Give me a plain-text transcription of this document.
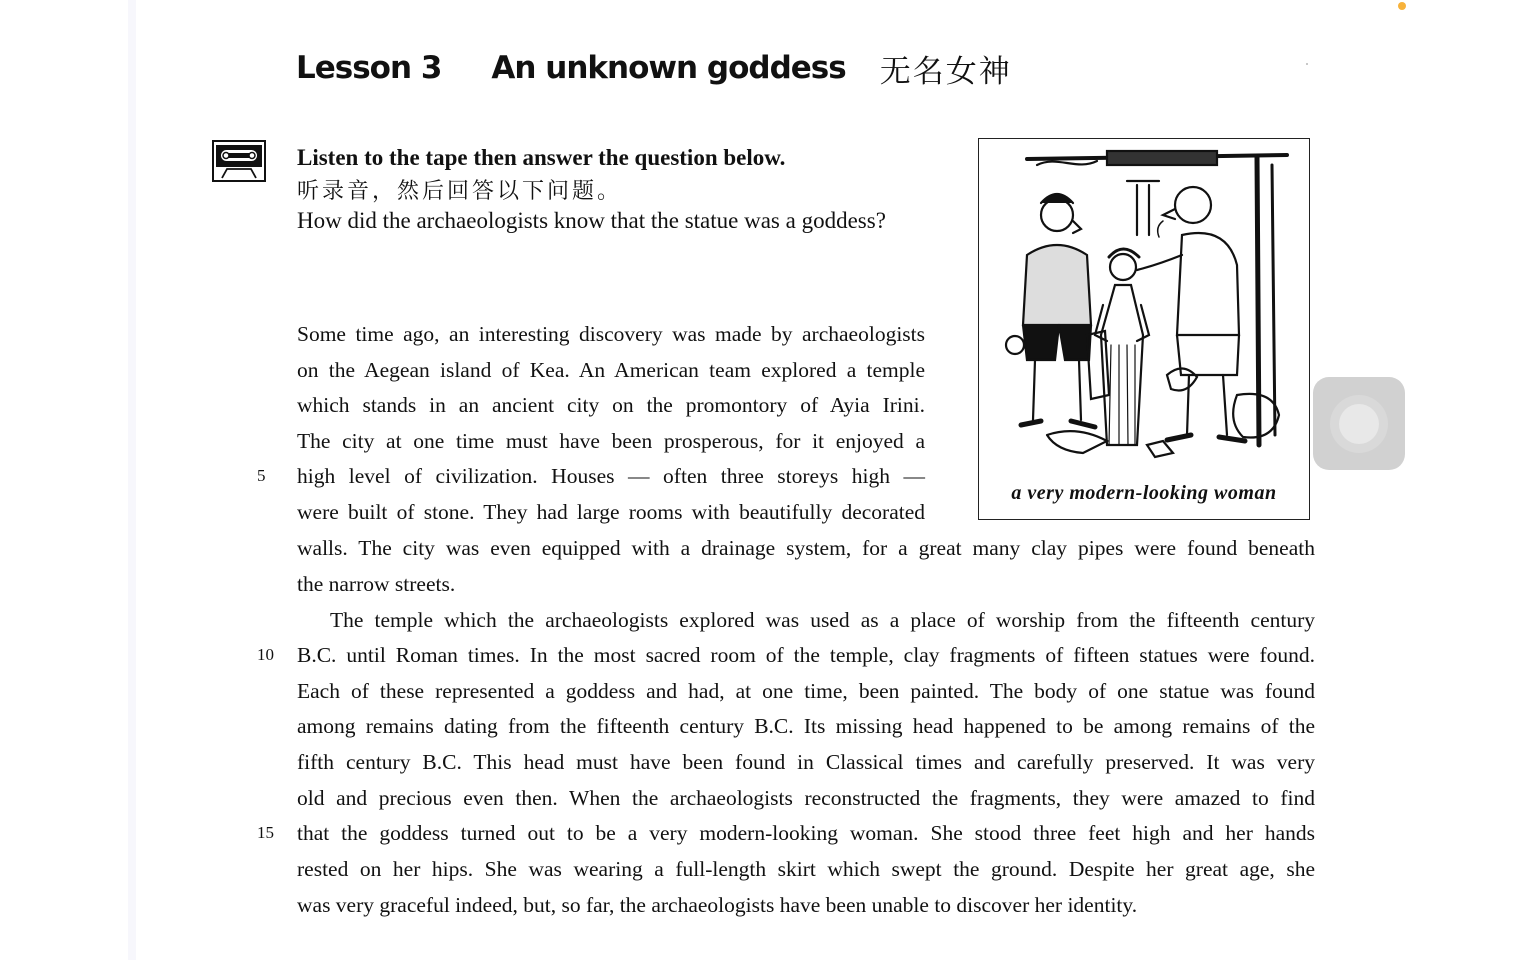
Lesson 3 An unknown goddess 无名女神
Listen to the tape then answer the question below.
听录音，然后回答以下问题。
How did the archaeologists know that the statue was a goddess?
a very modern-looking woman
Some time ago, an interesting discovery was made by archaeologists
on the Aegean island of Kea. An American team explored a temple
which stands in an ancient city on the promontory of Ayia Irini.
The city at one time must have been prosperous, for it enjoyed a
5	high level of civilization. Houses — often three storeys high —
were built of stone. They had large rooms with beautifully decorated
walls. The city was even equipped with a drainage system, for a great many clay pipes were found beneath
the narrow streets.
The temple which the archaeologists explored was used as a place of worship from the fifteenth century
10 B.C. until Roman times. In the most sacred room of the temple, clay fragments of fifteen statues were found.
Each of these represented a goddess and had, at one time, been painted. The body of one statue was found
among remains dating from the fifteenth century B.C. Its missing head happened to be among remains of the
fifth century B.C. This head must have been found in Classical times and carefully preserved. It was very
old and precious even then. When the archaeologists reconstructed the fragments, they were amazed to find
15 that the goddess turned out to be a very modern-looking woman. She stood three feet high and her hands
rested on her hips. She was wearing a full-length skirt which swept the ground. Despite her great age, she
was very graceful indeed, but, so far, the archaeologists have been unable to discover her identity.
